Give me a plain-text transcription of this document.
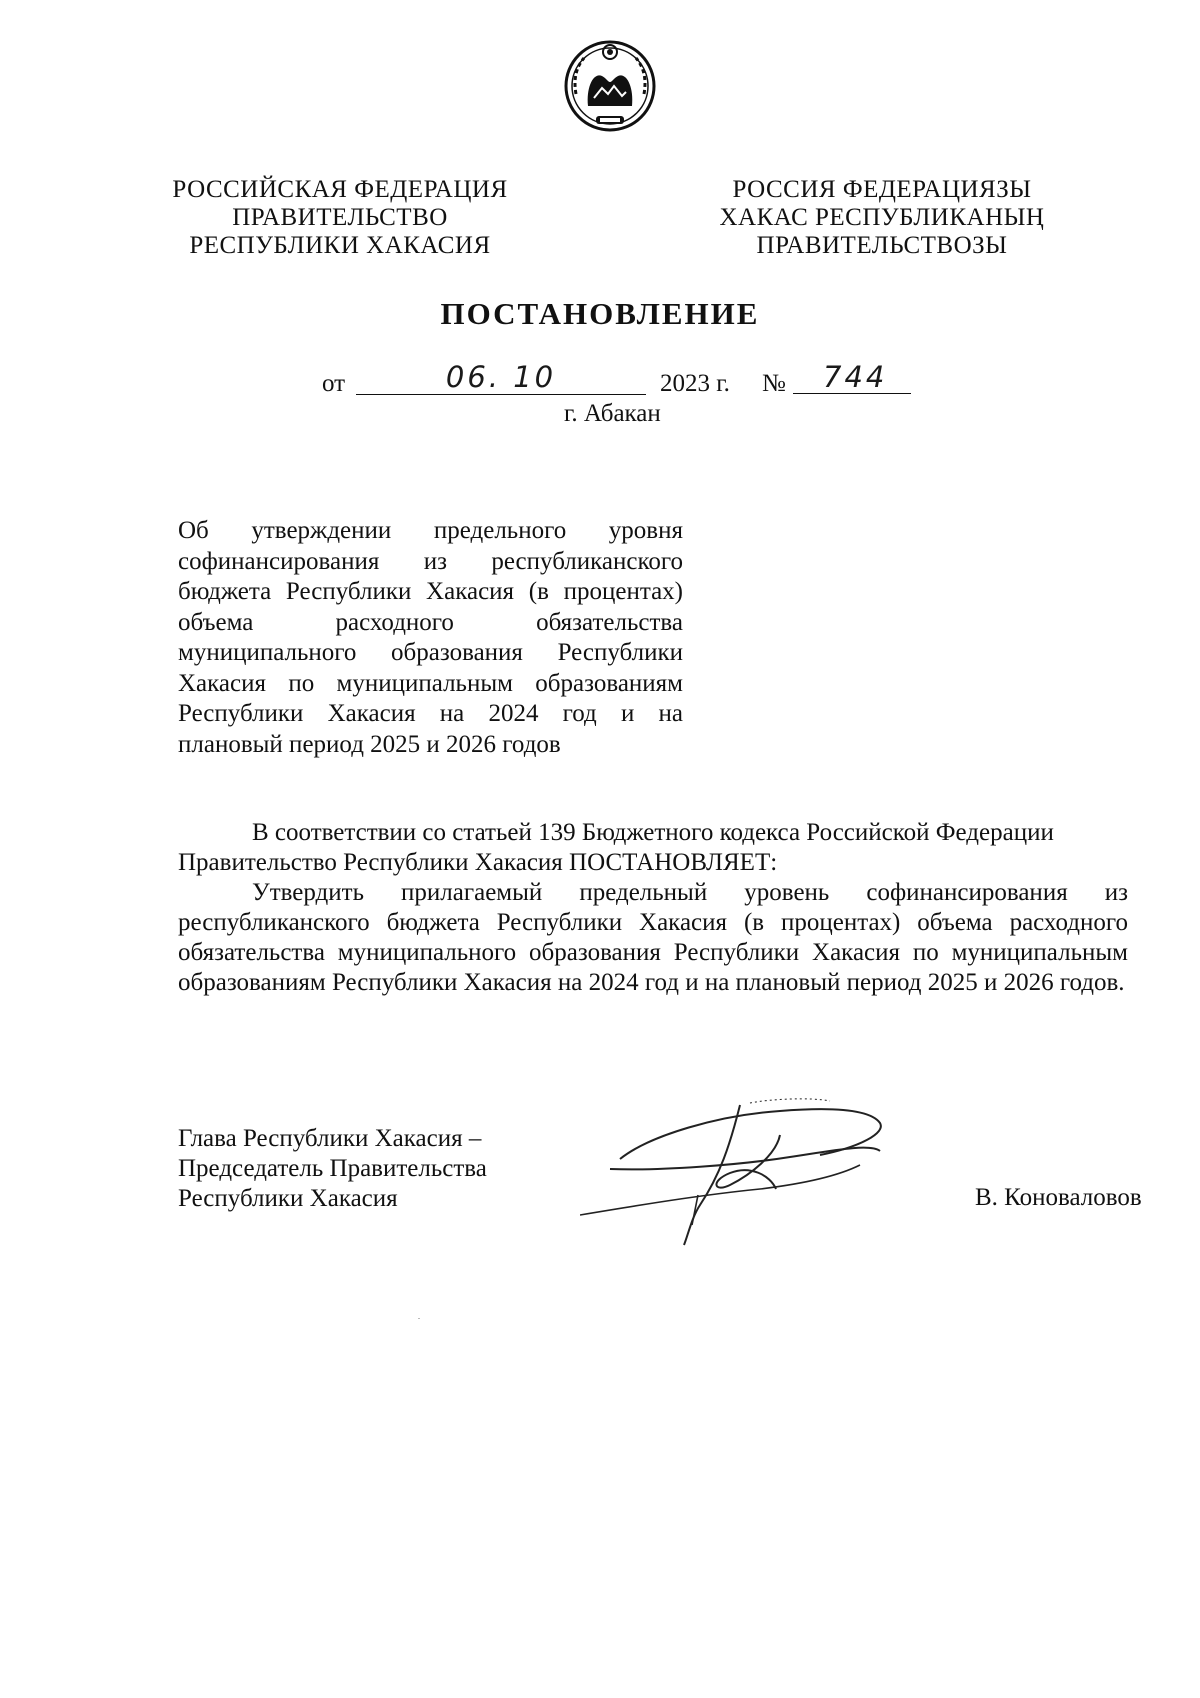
РОССИЙСКАЯ ФЕДЕРАЦИЯ
ПРАВИТЕЛЬСТВО
РЕСПУБЛИКИ ХАКАСИЯ
РОССИЯ ФЕДЕРАЦИЯЗЫ
ХАКАС РЕСПУБЛИКАНЫҢ
ПРАВИТЕЛЬСТВОЗЫ
ПОСТАНОВЛЕНИЕ
от	06. 10	2023 г. №	744
г. Абакан
Об утверждении предельного уровня
софинансирования из республиканского
бюджета Республики Хакасия (в процентах)
объема расходного обязательства
муниципального образования Республики
Хакасия по муниципальным образованиям
Республики Хакасия на 2024 год и на
плановый период 2025 и 2026 годов

В соответствии со статьей 139 Бюджетного кодекса Российской Федерации

Правительство Республики Хакасия ПОСТАНОВЛЯЕТ:

Утвердить прилагаемый предельный уровень софинансирования из республиканского бюджета Республики Хакасия (в процентах) объема расходного обязательства муниципального образования Республики Хакасия по муниципальным образованиям Республики Хакасия на 2024 год и на плановый период 2025 и 2026 годов.

Глава Республики Хакасия –
Председатель Правительства
Республики Хакасия	В. Коноваловов
